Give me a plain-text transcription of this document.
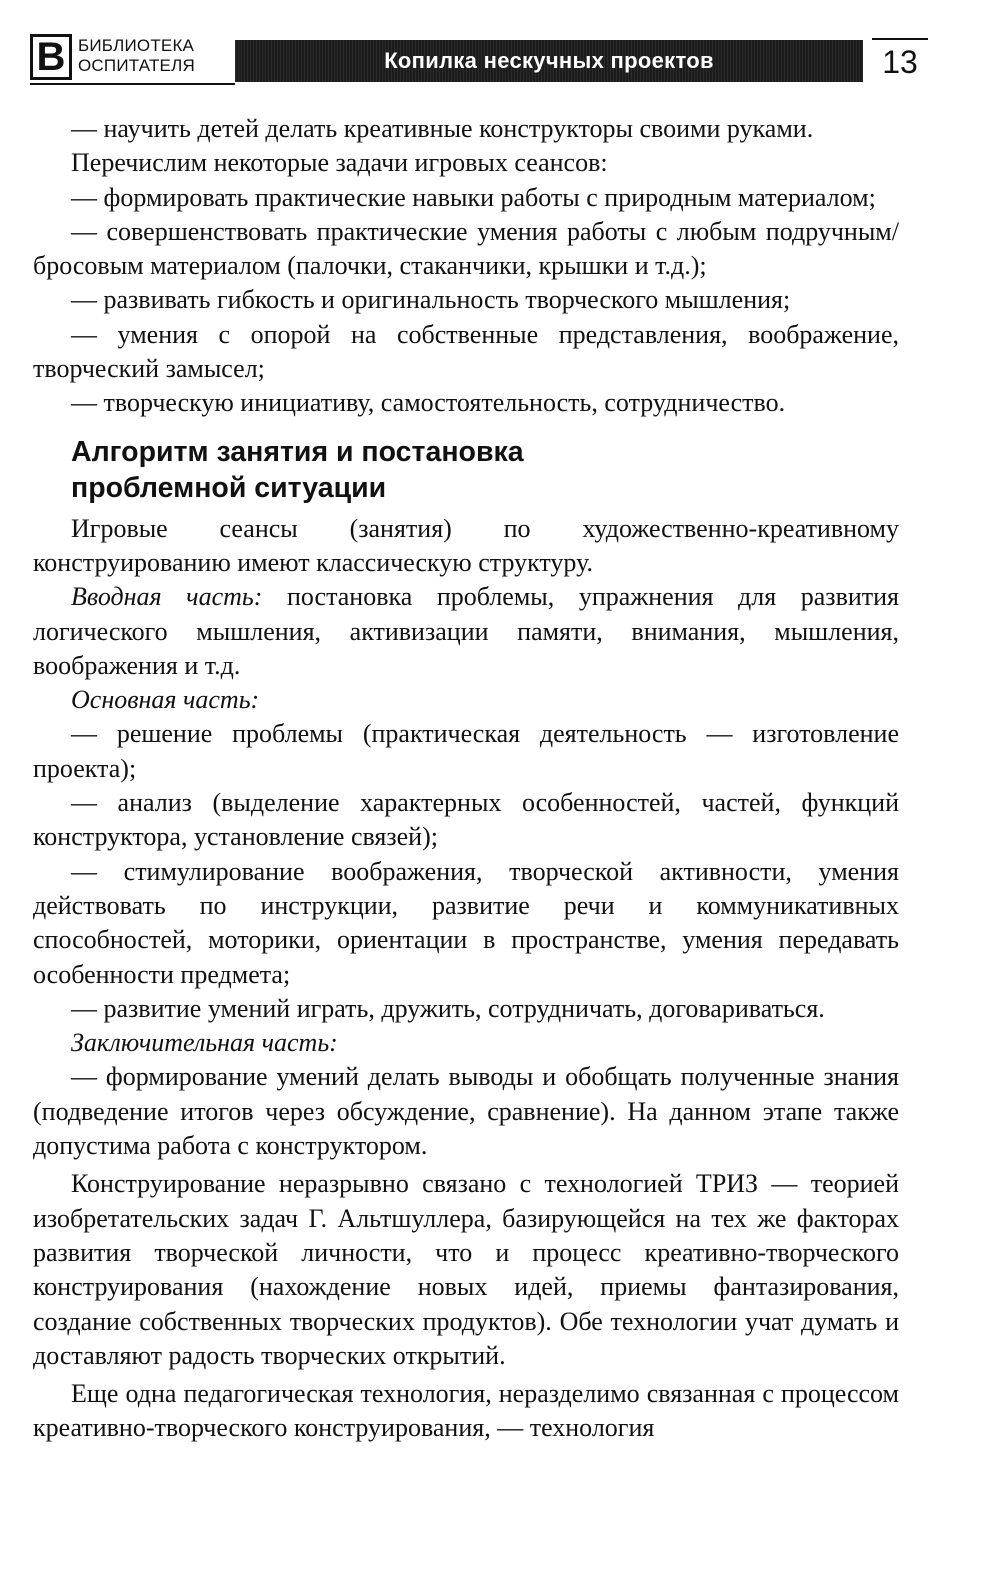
В БИБЛИОТЕКА
ОСПИТАТЕЛЯ	Копилка нескучных проектов	13

— научить детей делать креативные конструкторы своими руками.

Перечислим некоторые задачи игровых сеансов:

— формировать практические навыки работы с природным материалом;

— совершенствовать практические умения работы с любым подручным/бросовым материалом (палочки, стаканчики, крышки и т.д.);

— развивать гибкость и оригинальность творческого мышления;

— умения с опорой на собственные представления, воображение, творческий замысел;

— творческую инициативу, самостоятельность, сотрудничество.

Алгоритм занятия и постановка
проблемной ситуации

Игровые сеансы (занятия) по художественно-креативному конструированию имеют классическую структуру.

Вводная часть: постановка проблемы, упражнения для развития логического мышления, активизации памяти, внимания, мышления, воображения и т.д.

Основная часть:

— решение проблемы (практическая деятельность — изготовление проекта);

— анализ (выделение характерных особенностей, частей, функций конструктора, установление связей);

— стимулирование воображения, творческой активности, умения действовать по инструкции, развитие речи и коммуникативных способностей, моторики, ориентации в пространстве, умения передавать особенности предмета;

— развитие умений играть, дружить, сотрудничать, договариваться.

Заключительная часть:

— формирование умений делать выводы и обобщать полученные знания (подведение итогов через обсуждение, сравнение). На данном этапе также допустима работа с конструктором.

Конструирование неразрывно связано с технологией ТРИЗ — теорией изобретательских задач Г. Альтшуллера, базирующейся на тех же факторах развития творческой личности, что и процесс креативно-творческого конструирования (нахождение новых идей, приемы фантазирования, создание собственных творческих продуктов). Обе технологии учат думать и доставляют радость творческих открытий.

Еще одна педагогическая технология, неразделимо связанная с процессом креативно-творческого конструирования, — технология
